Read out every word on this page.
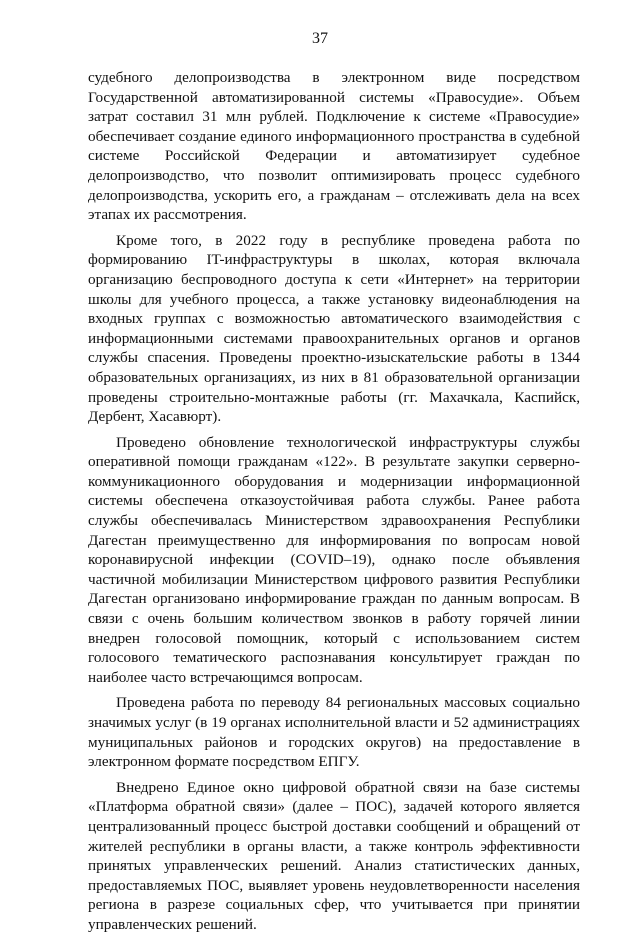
37

судебного делопроизводства в электронном виде посредством Государственной автоматизированной системы «Правосудие». Объем затрат составил 31 млн рублей. Подключение к системе «Правосудие» обеспечивает создание единого информационного пространства в судебной системе Российской Федерации и автоматизирует судебное делопроизводство, что позволит оптимизировать процесс судебного делопроизводства, ускорить его, а гражданам – отслеживать дела на всех этапах их рассмотрения.

Кроме того, в 2022 году в республике проведена работа по формированию IT-инфраструктуры в школах, которая включала организацию беспроводного доступа к сети «Интернет» на территории школы для учебного процесса, а также установку видеонаблюдения на входных группах с возможностью автоматического взаимодействия с информационными системами правоохранительных органов и органов службы спасения. Проведены проектно-изыскательские работы в 1344 образовательных организациях, из них в 81 образовательной организации проведены строительно-монтажные работы (гг. Махачкала, Каспийск, Дербент, Хасавюрт).

Проведено обновление технологической инфраструктуры службы оперативной помощи гражданам «122». В результате закупки серверно-коммуникационного оборудования и модернизации информационной системы обеспечена отказоустойчивая работа службы. Ранее работа службы обеспечивалась Министерством здравоохранения Республики Дагестан преимущественно для информирования по вопросам новой коронавирусной инфекции (COVID–19), однако после объявления частичной мобилизации Министерством цифрового развития Республики Дагестан организовано информирование граждан по данным вопросам. В связи с очень большим количеством звонков в работу горячей линии внедрен голосовой помощник, который с использованием систем голосового тематического распознавания консультирует граждан по наиболее часто встречающимся вопросам.

Проведена работа по переводу 84 региональных массовых социально значимых услуг (в 19 органах исполнительной власти и 52 администрациях муниципальных районов и городских округов) на предоставление в электронном формате посредством ЕПГУ.

Внедрено Единое окно цифровой обратной связи на базе системы «Платформа обратной связи» (далее – ПОС), задачей которого является централизованный процесс быстрой доставки сообщений и обращений от жителей республики в органы власти, а также контроль эффективности принятых управленческих решений. Анализ статистических данных, предоставляемых ПОС, выявляет уровень неудовлетворенности населения региона в разрезе социальных сфер, что учитывается при принятии управленческих решений.
